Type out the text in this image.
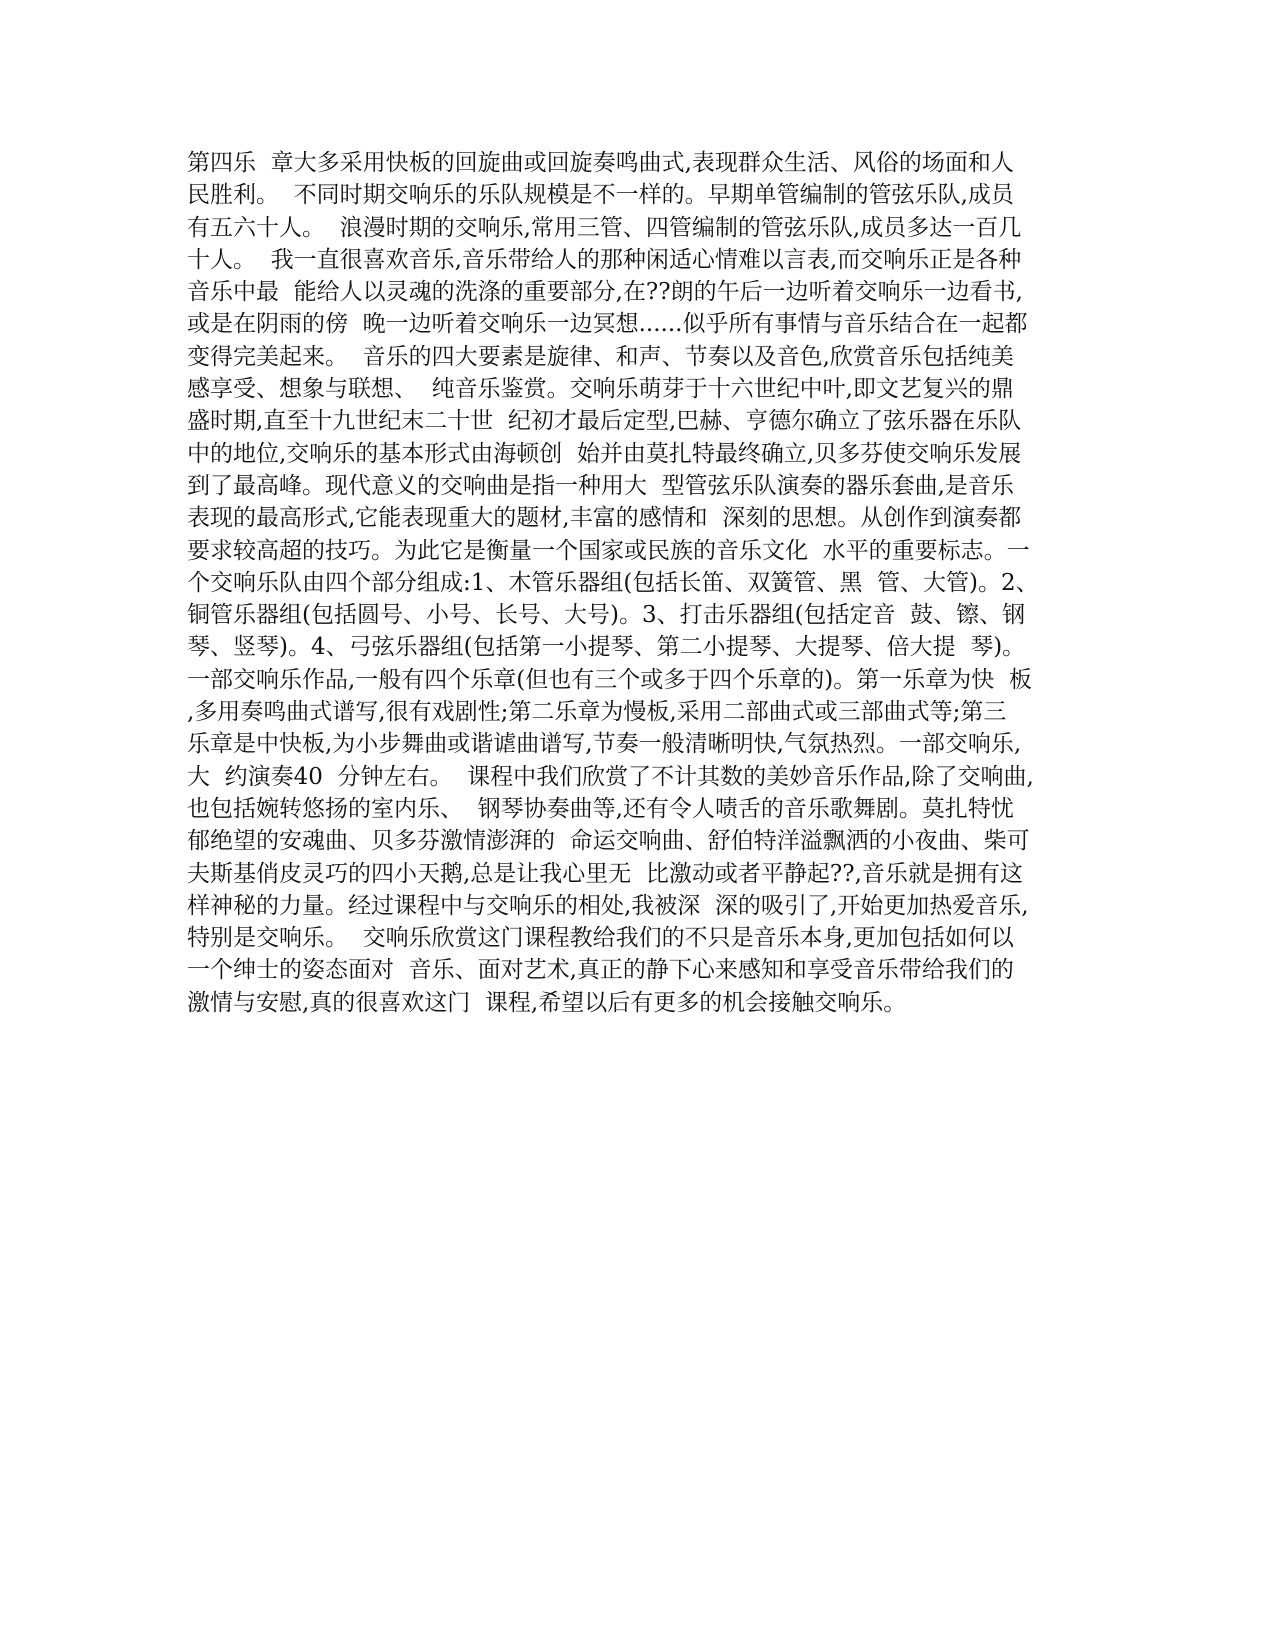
第四乐  章大多采用快板的回旋曲或回旋奏鸣曲式,表现群众生活、风俗的场面和人
民胜利。  不同时期交响乐的乐队规模是不一样的。早期单管编制的管弦乐队,成员
有五六十人。  浪漫时期的交响乐,常用三管、四管编制的管弦乐队,成员多达一百几
十人。  我一直很喜欢音乐,音乐带给人的那种闲适心情难以言表,而交响乐正是各种
音乐中最  能给人以灵魂的洗涤的重要部分,在??朗的午后一边听着交响乐一边看书,
或是在阴雨的傍  晚一边听着交响乐一边冥想......似乎所有事情与音乐结合在一起都
变得完美起来。  音乐的四大要素是旋律、和声、节奏以及音色,欣赏音乐包括纯美
感享受、想象与联想、  纯音乐鉴赏。交响乐萌芽于十六世纪中叶,即文艺复兴的鼎
盛时期,直至十九世纪末二十世  纪初才最后定型,巴赫、亨德尔确立了弦乐器在乐队
中的地位,交响乐的基本形式由海顿创  始并由莫扎特最终确立,贝多芬使交响乐发展
到了最高峰。现代意义的交响曲是指一种用大  型管弦乐队演奏的器乐套曲,是音乐
表现的最高形式,它能表现重大的题材,丰富的感情和  深刻的思想。从创作到演奏都
要求较高超的技巧。为此它是衡量一个国家或民族的音乐文化  水平的重要标志。一
个交响乐队由四个部分组成:1、木管乐器组(包括长笛、双簧管、黑  管、大管)。2、
铜管乐器组(包括圆号、小号、长号、大号)。3、打击乐器组(包括定音  鼓、镲、钢
琴、竖琴)。4、弓弦乐器组(包括第一小提琴、第二小提琴、大提琴、倍大提  琴)。
一部交响乐作品,一般有四个乐章(但也有三个或多于四个乐章的)。第一乐章为快  板
,多用奏鸣曲式谱写,很有戏剧性;第二乐章为慢板,采用二部曲式或三部曲式等;第三
乐章是中快板,为小步舞曲或谐谑曲谱写,节奏一般清晰明快,气氛热烈。一部交响乐,
大  约演奏40  分钟左右。  课程中我们欣赏了不计其数的美妙音乐作品,除了交响曲,
也包括婉转悠扬的室内乐、  钢琴协奏曲等,还有令人啧舌的音乐歌舞剧。莫扎特忧
郁绝望的安魂曲、贝多芬激情澎湃的  命运交响曲、舒伯特洋溢飘洒的小夜曲、柴可
夫斯基俏皮灵巧的四小天鹅,总是让我心里无  比激动或者平静起??,音乐就是拥有这
样神秘的力量。经过课程中与交响乐的相处,我被深  深的吸引了,开始更加热爱音乐,
特别是交响乐。  交响乐欣赏这门课程教给我们的不只是音乐本身,更加包括如何以
一个绅士的姿态面对  音乐、面对艺术,真正的静下心来感知和享受音乐带给我们的
激情与安慰,真的很喜欢这门  课程,希望以后有更多的机会接触交响乐。
